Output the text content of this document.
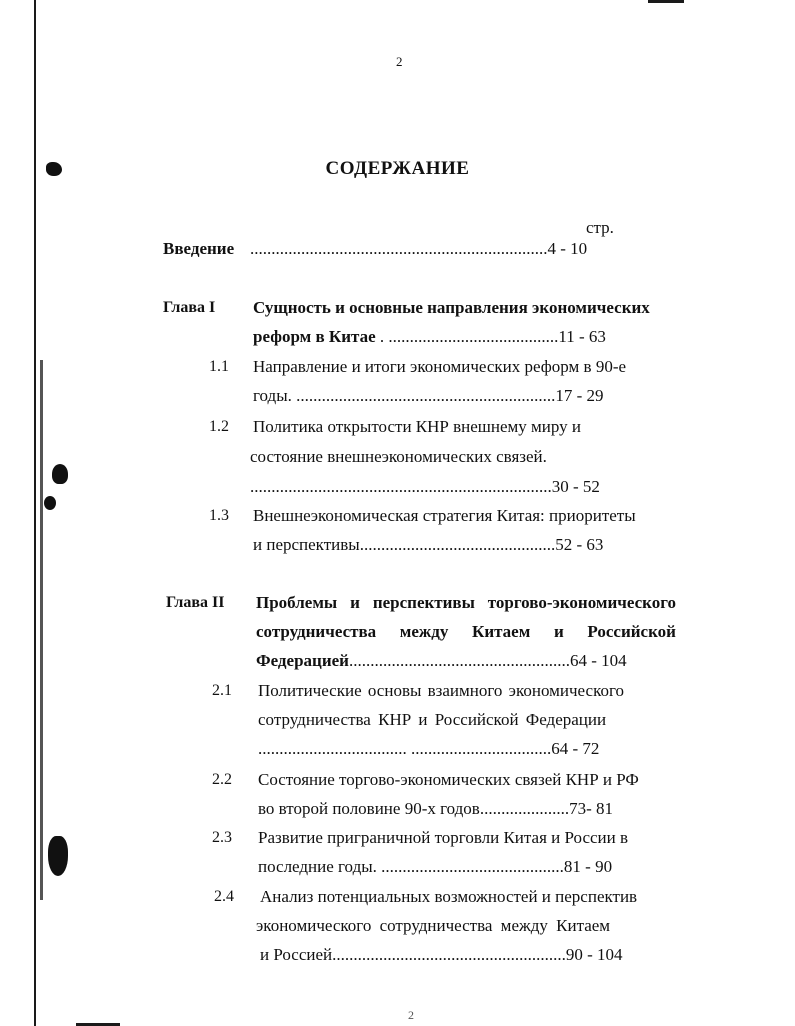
2
СОДЕРЖАНИЕ
стр.
Введение ......................................................................4 - 10
Глава I Сущность и основные направления экономических
реформ в Китае . ........................................11 - 63
1.1 Направление и итоги экономических реформ в 90-е
годы. .............................................................17 - 29
1.2 Политика открытости КНР внешнему миру и
состояние внешнеэкономических связей.
.......................................................................30 - 52
1.3 Внешнеэкономическая стратегия Китая: приоритеты
и перспективы..............................................52 - 63
Глава II Проблемы и перспективы торгово-экономического
сотрудничества между Китаем и Российской
Федерацией....................................................64 - 104
2.1 Политические основы взаимного экономического
сотрудничества КНР и Российской Федерации
................................... .................................64 - 72
2.2 Состояние торгово-экономических связей КНР и РФ
во второй половине 90-х годов.....................73- 81
2.3 Развитие приграничной торговли Китая и России в
последние годы. ...........................................81 - 90
2.4 Анализ потенциальных возможностей и перспектив
экономического сотрудничества между Китаем
и Россией.......................................................90 - 104
2
